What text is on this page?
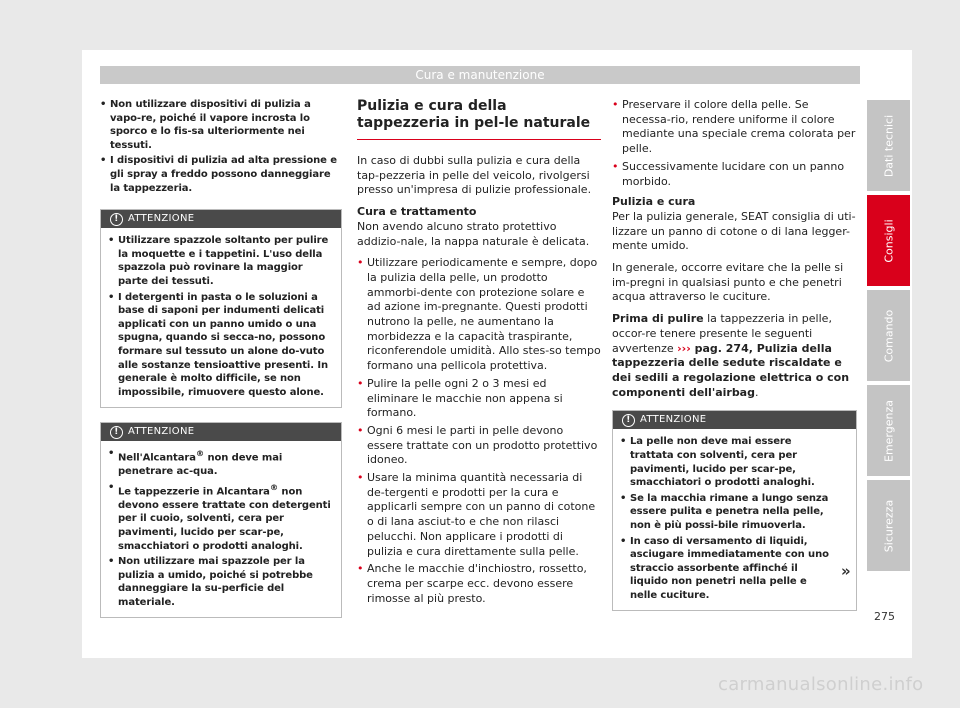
Cura e manutenzione
• Non utilizzare dispositivi di pulizia a vapo-re, poiché il vapore incrosta lo sporco e lo fis-sa ulteriormente nei tessuti.
• I dispositivi di pulizia ad alta pressione e gli spray a freddo possono danneggiare la tappezzeria.
! ATTENZIONE
• Utilizzare spazzole soltanto per pulire la moquette e i tappetini. L'uso della spazzola può rovinare la maggior parte dei tessuti.
• I detergenti in pasta o le soluzioni a base di saponi per indumenti delicati applicati con un panno umido o una spugna, quando si secca-no, possono formare sul tessuto un alone do-vuto alle sostanze tensioattive presenti. In generale è molto difficile, se non impossibile, rimuovere questo alone.
! ATTENZIONE
• Nell'Alcantara® non deve mai penetrare ac-qua.
• Le tappezzerie in Alcantara® non devono essere trattate con detergenti per il cuoio, solventi, cera per pavimenti, lucido per scar-pe, smacchiatori o prodotti analoghi.
• Non utilizzare mai spazzole per la pulizia a umido, poiché si potrebbe danneggiare la su-perficie del materiale.
Pulizia e cura della tappezzeria in pel-le naturale

In caso di dubbi sulla pulizia e cura della tap-pezzeria in pelle del veicolo, rivolgersi presso un'impresa di pulizie professionale.

Cura e trattamento

Non avendo alcuno strato protettivo addizio-nale, la nappa naturale è delicata.

• Utilizzare periodicamente e sempre, dopo la pulizia della pelle, un prodotto ammorbi-dente con protezione solare e ad azione im-pregnante. Questi prodotti nutrono la pelle, ne aumentano la morbidezza e la capacità traspirante, riconferendole umidità. Allo stes-so tempo formano una pellicola protettiva.
• Pulire la pelle ogni 2 o 3 mesi ed eliminare le macchie non appena si formano.
• Ogni 6 mesi le parti in pelle devono essere trattate con un prodotto protettivo idoneo.
• Usare la minima quantità necessaria di de-tergenti e prodotti per la cura e applicarli sempre con un panno di cotone o di lana asciut-to e che non rilasci pelucchi. Non applicare i prodotti di pulizia e cura direttamente sulla pelle.
• Anche le macchie d'inchiostro, rossetto, crema per scarpe ecc. devono essere rimosse al più presto.
• Preservare il colore della pelle. Se necessa-rio, rendere uniforme il colore mediante una speciale crema colorata per pelle.
• Successivamente lucidare con un panno morbido.

Pulizia e cura

Per la pulizia generale, SEAT consiglia di uti-lizzare un panno di cotone o di lana legger-mente umido.

In generale, occorre evitare che la pelle si im-pregni in qualsiasi punto e che penetri acqua attraverso le cuciture.

Prima di pulire la tappezzeria in pelle, occor-re tenere presente le seguenti avvertenze ››› pag. 274, Pulizia della tappezzeria delle sedute riscaldate e dei sedili a regolazione elettrica o con componenti dell'airbag.

! ATTENZIONE
• La pelle non deve mai essere trattata con solventi, cera per pavimenti, lucido per scar-pe, smacchiatori o prodotti analoghi.
• Se la macchia rimane a lungo senza essere pulita e penetra nella pelle, non è più possi-bile rimuoverla.
• In caso di versamento di liquidi, asciugare immediatamente con uno straccio assorbente affinché il liquido non penetri nella pelle e nelle cuciture.
»
Dati tecnici
Consigli
Comando
Emergenza
Sicurezza
275
carmanualsonline.info
